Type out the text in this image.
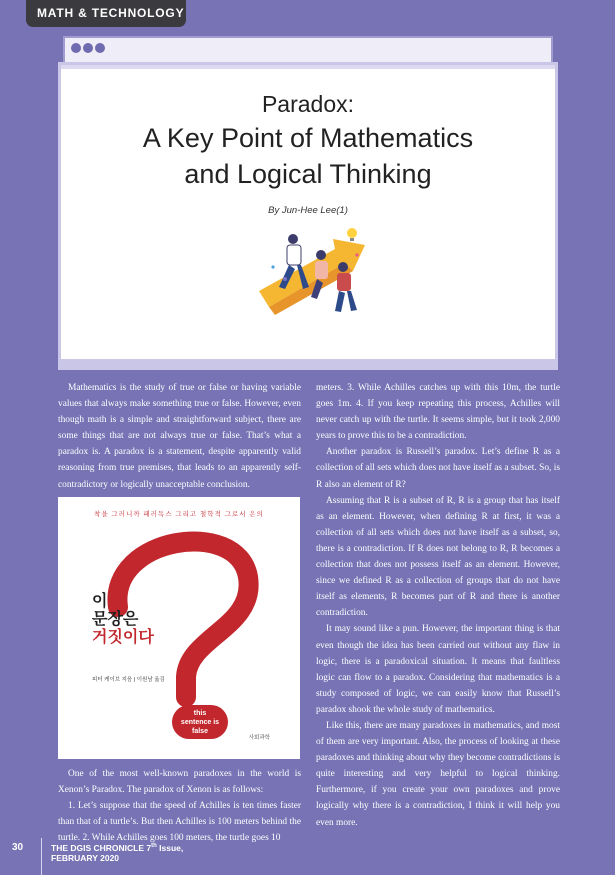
MATH & TECHNOLOGY
Paradox:
A Key Point of Mathematics
and Logical Thinking
By Jun-Hee Lee(1)

Mathematics is the study of true or false or having variable values that always make something true or false. However, even though math is a simple and straightforward subject, there are some things that are not always true or false. That’s what a paradox is. A paradox is a statement, despite apparently valid reasoning from true premises, that leads to an apparently self-contradictory or logically unacceptable conclusion.

착을 그러니까 패러독스 그리고 철학적 그로서 은의
이
문장은
거짓이다
피터 케이브 지음 | 이원남 옮김
this
sentence is
false
사회과학

One of the most well-known paradoxes in the world is Xenon’s Paradox. The paradox of Xenon is as follows:

1. Let’s suppose that the speed of Achilles is ten times faster than that of a turtle’s. But then Achilles is 100 meters behind the turtle. 2. While Achilles goes 100 meters, the turtle goes 10

meters. 3. While Achilles catches up with this 10m, the turtle goes 1m. 4. If you keep repeating this process, Achilles will never catch up with the turtle. It seems simple, but it took 2,000 years to prove this to be a contradiction.

Another paradox is Russell’s paradox. Let’s define R as a collection of all sets which does not have itself as a subset. So, is R also an element of R?

Assuming that R is a subset of R, R is a group that has itself as an element. However, when defining R at first, it was a collection of all sets which does not have itself as a subset, so, there is a contradiction. If R does not belong to R, R becomes a collection that does not possess itself as an element. However, since we defined R as a collection of groups that do not have itself as elements, R becomes part of R and there is another contradiction.

It may sound like a pun. However, the important thing is that even though the idea has been carried out without any flaw in logic, there is a paradoxical situation. It means that faultless logic can flow to a paradox. Considering that mathematics is a study composed of logic, we can easily know that Russell’s paradox shook the whole study of mathematics.

Like this, there are many paradoxes in mathematics, and most of them are very important. Also, the process of looking at these paradoxes and thinking about why they become contradictions is quite interesting and very helpful to logical thinking. Furthermore, if you create your own paradoxes and prove logically why there is a contradiction, I think it will help you even more.

30	THE DGIS CHRONICLE 7th Issue,
FEBRUARY 2020
